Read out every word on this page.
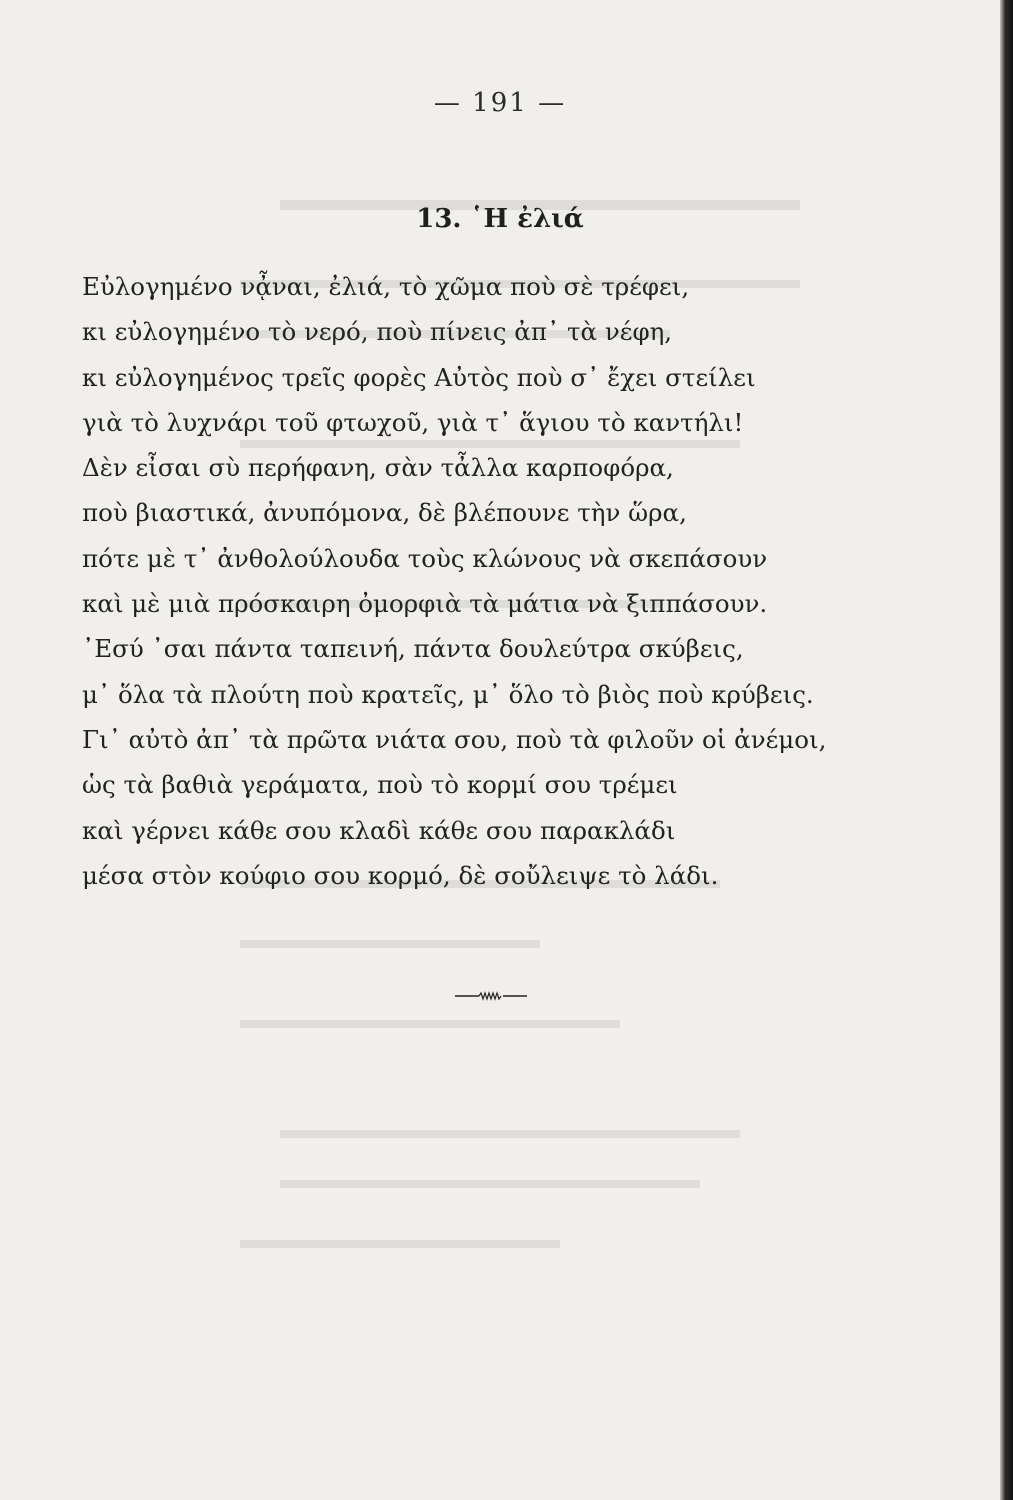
— 191 —
13. ῾Η ἐλιά
Εὐλογημένο νᾆναι, ἐλιά, τὸ χῶμα ποὺ σὲ τρέφει,
κι εὐλογημένο τὸ νερό, ποὺ πίνεις ἀπ᾿ τὰ νέφη,
κι εὐλογημένος τρεῖς φορὲς Αὐτὸς ποὺ σ᾿ ἔχει στείλει
γιὰ τὸ λυχνάρι τοῦ φτωχοῦ, γιὰ τ᾿ ἅγιου τὸ καντήλι!
Δὲν εἶσαι σὺ περήφανη, σὰν τἆλλα καρποφόρα,
ποὺ βιαστικά, ἀνυπόμονα, δὲ βλέπουνε τὴν ὥρα,
πότε μὲ τ᾿ ἀνθολούλουδα τοὺς κλώνους νὰ σκεπάσουν
καὶ μὲ μιὰ πρόσκαιρη ὀμορφιὰ τὰ μάτια νὰ ξιππάσουν.
᾿Εσύ ᾿σαι πάντα ταπεινή, πάντα δουλεύτρα σκύβεις,
μ᾿ ὅλα τὰ πλούτη ποὺ κρατεῖς, μ᾿ ὅλο τὸ βιὸς ποὺ κρύβεις.
Γι᾿ αὐτὸ ἀπ᾿ τὰ πρῶτα νιάτα σου, ποὺ τὰ φιλοῦν οἱ ἀνέμοι,
ὡς τὰ βαθιὰ γεράματα, ποὺ τὸ κορμί σου τρέμει
καὶ γέρνει κάθε σου κλαδὶ κάθε σου παρακλάδι
μέσα στὸν κούφιο σου κορμό, δὲ σοὔλειψε τὸ λάδι.
